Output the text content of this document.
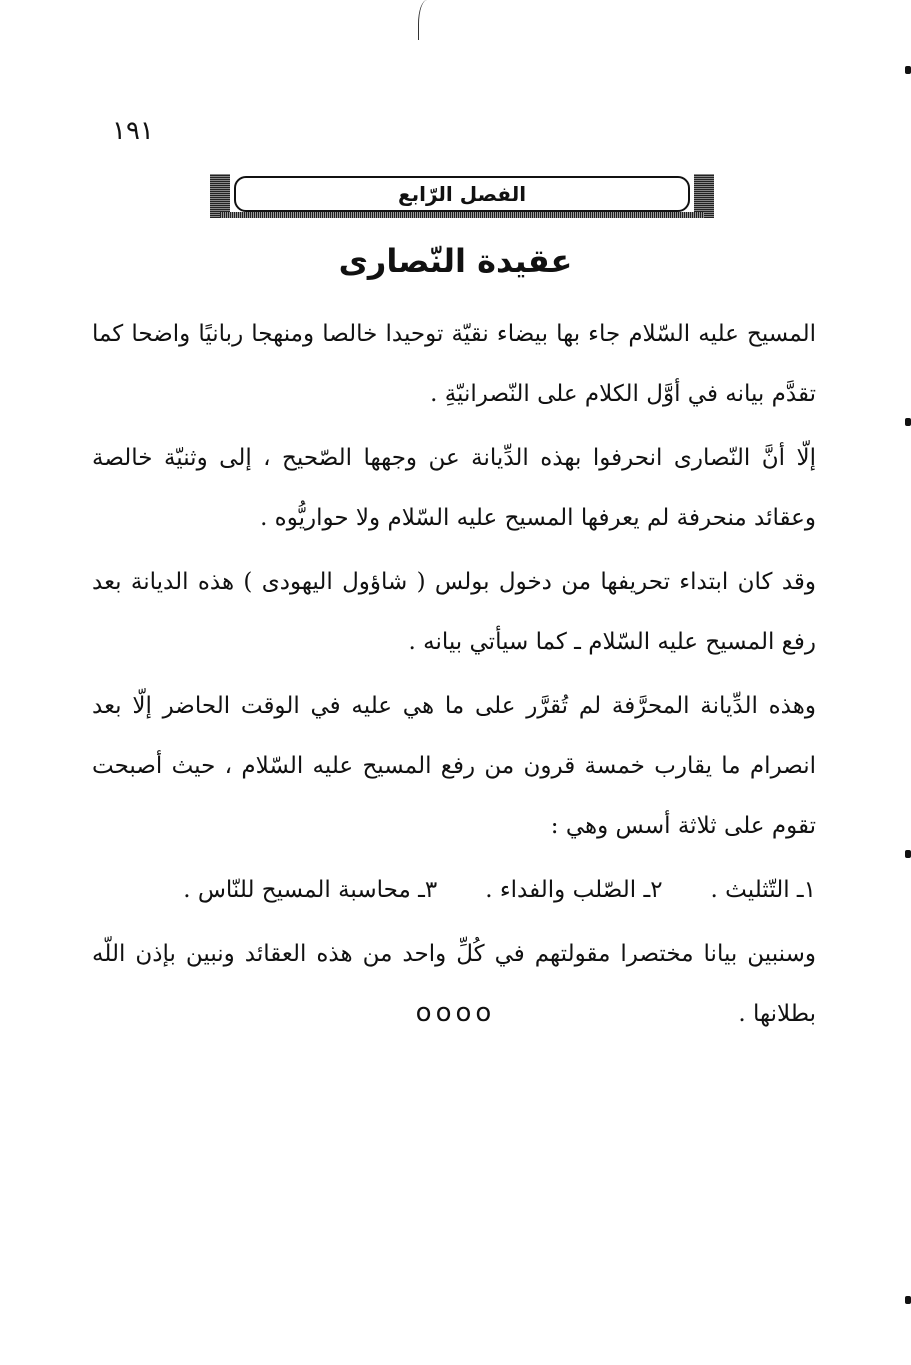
١٩١
الفصل الرّابع
عقيدة النّصارى

المسيح عليه السّلام جاء بها بيضاء نقيّة توحيدا خالصا ومنهجا ربانيًا واضحا كما تقدَّم بيانه في أوَّل الكلام على النّصرانيّةِ .

إلّا أنَّ النّصارى انحرفوا بهذه الدِّيانة عن وجهها الصّحيح ، إلى وثنيّة خالصة وعقائد منحرفة لم يعرفها المسيح عليه السّلام ولا حواريُّوه .

وقد كان ابتداء تحريفها من دخول بولس ( شاؤول اليهودى ) هذه الديانة بعد رفع المسيح عليه السّلام ـ كما سيأتي بيانه .

وهذه الدِّيانة المحرَّفة لم تُقرَّر على ما هي عليه في الوقت الحاضر إلّا بعد انصرام ما يقارب خمسة قرون من رفع المسيح عليه السّلام ، حيث أصبحت تقوم على ثلاثة أسس وهي :

١ـ التّثليث .
٢ـ الصّلب والفداء .
٣ـ محاسبة المسيح للنّاس .

وسنبين بيانا مختصرا مقولتهم في كُلِّ واحد من هذه العقائد ونبين بإذن اللّه بطلانها .

oooo
